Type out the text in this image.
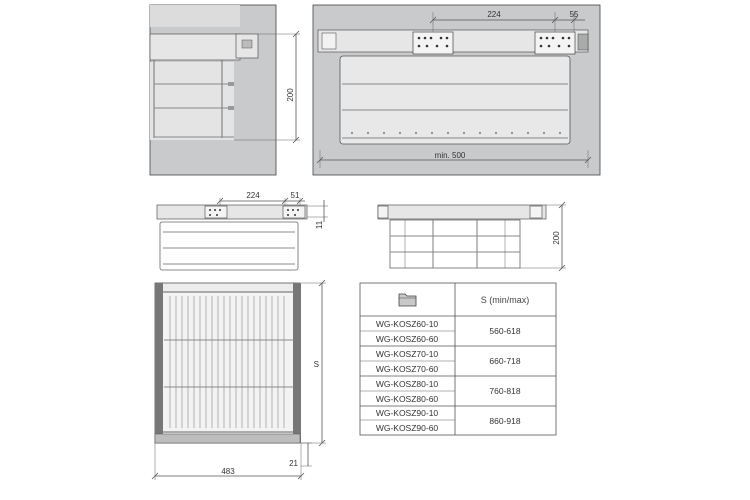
200
224	55
min. 500
224	51
11
200
S
483
21
S (min/max)
WG-KOSZ60-10
WG-KOSZ60-60
WG-KOSZ70-10
WG-KOSZ70-60
WG-KOSZ80-10
WG-KOSZ80-60
WG-KOSZ90-10
WG-KOSZ90-60
560-618
660-718
760-818
860-918
